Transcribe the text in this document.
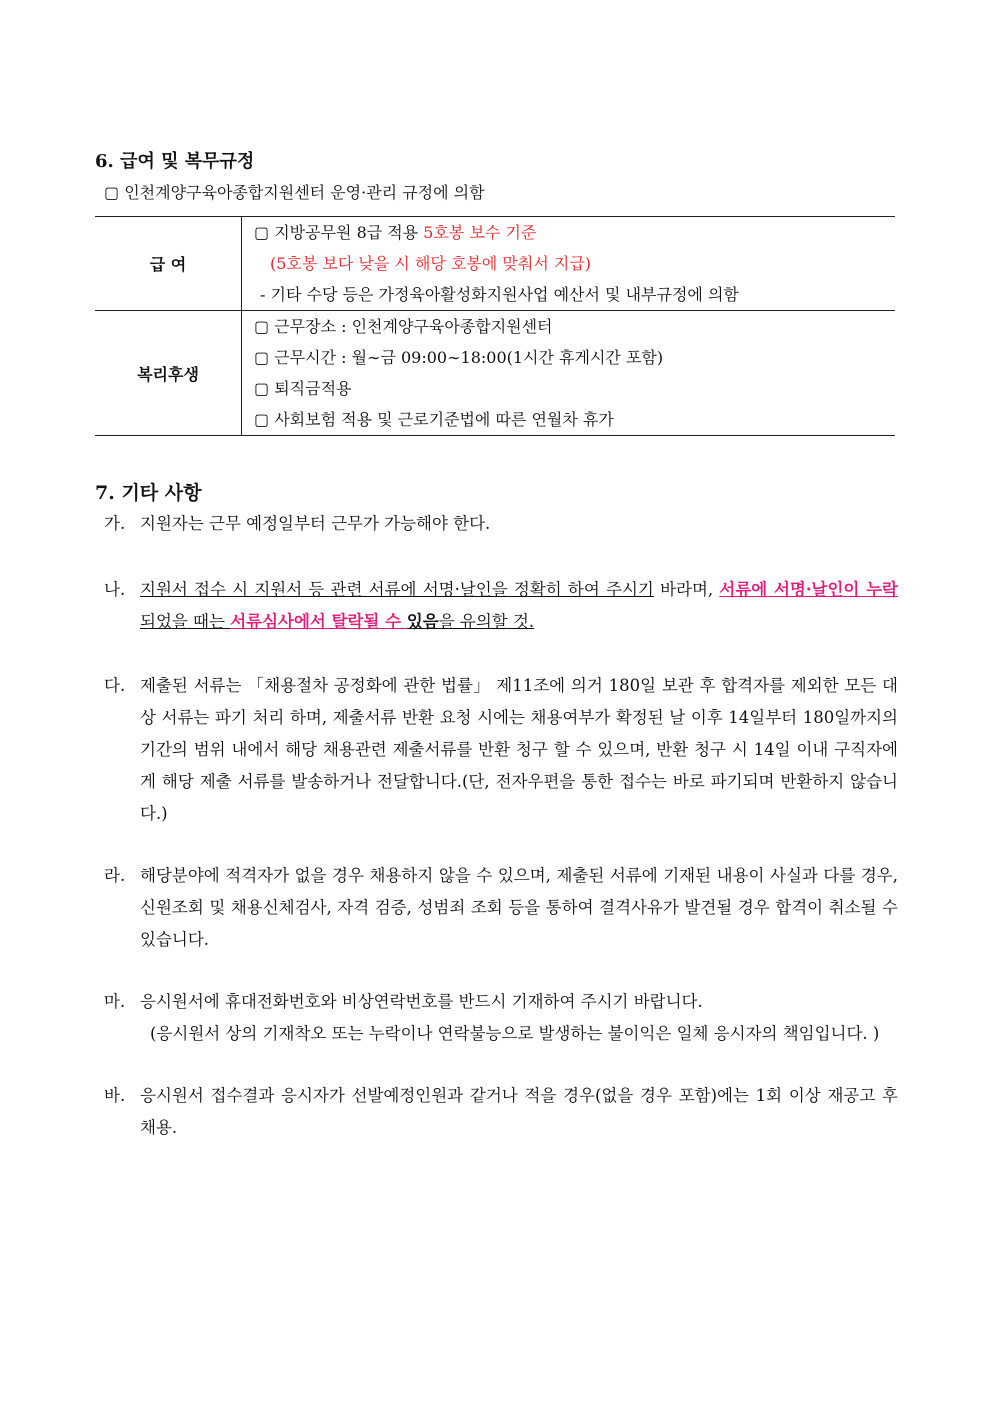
6. 급여 및 복무규정
▢ 인천계양구육아종합지원센터 운영·관리 규정에 의함
급 여	▢ 지방공무원 8급 적용 5호봉 보수 기준
(5호봉 보다 낮을 시 해당 호봉에 맞춰서 지급)
- 기타 수당 등은 가정육아활성화지원사업 예산서 및 내부규정에 의함

복리후생	▢ 근무장소 : 인천계양구육아종합지원센터
▢ 근무시간 : 월∼금 09:00∼18:00(1시간 휴게시간 포함)
▢ 퇴직금적용
▢ 사회보험 적용 및 근로기준법에 따른 연월차 휴가
7. 기타 사항
가. 지원자는 근무 예정일부터 근무가 가능해야 한다.
나. 지원서 접수 시 지원서 등 관련 서류에 서명·날인을 정확히 하여 주시기 바라며, 서류에 서명·날인이 누락되었을 때는 서류심사에서 탈락될 수 있음을 유의할 것.
다. 제출된 서류는 「채용절차 공정화에 관한 법률」 제11조에 의거 180일 보관 후 합격자를 제외한 모든 대상 서류는 파기 처리 하며, 제출서류 반환 요청 시에는 채용여부가 확정된 날 이후 14일부터 180일까지의 기간의 범위 내에서 해당 채용관련 제출서류를 반환 청구 할 수 있으며, 반환 청구 시 14일 이내 구직자에게 해당 제출 서류를 발송하거나 전달합니다.(단, 전자우편을 통한 접수는 바로 파기되며 반환하지 않습니다.)
라. 해당분야에 적격자가 없을 경우 채용하지 않을 수 있으며, 제출된 서류에 기재된 내용이 사실과 다를 경우, 신원조회 및 채용신체검사, 자격 검증, 성범죄 조회 등을 통하여 결격사유가 발견될 경우 합격이 취소될 수 있습니다.
마. 응시원서에 휴대전화번호와 비상연락번호를 반드시 기재하여 주시기 바랍니다.
(응시원서 상의 기재착오 또는 누락이나 연락불능으로 발생하는 불이익은 일체 응시자의 책임입니다. )
바. 응시원서 접수결과 응시자가 선발예정인원과 같거나 적을 경우(없을 경우 포함)에는 1회 이상 재공고 후 채용.
